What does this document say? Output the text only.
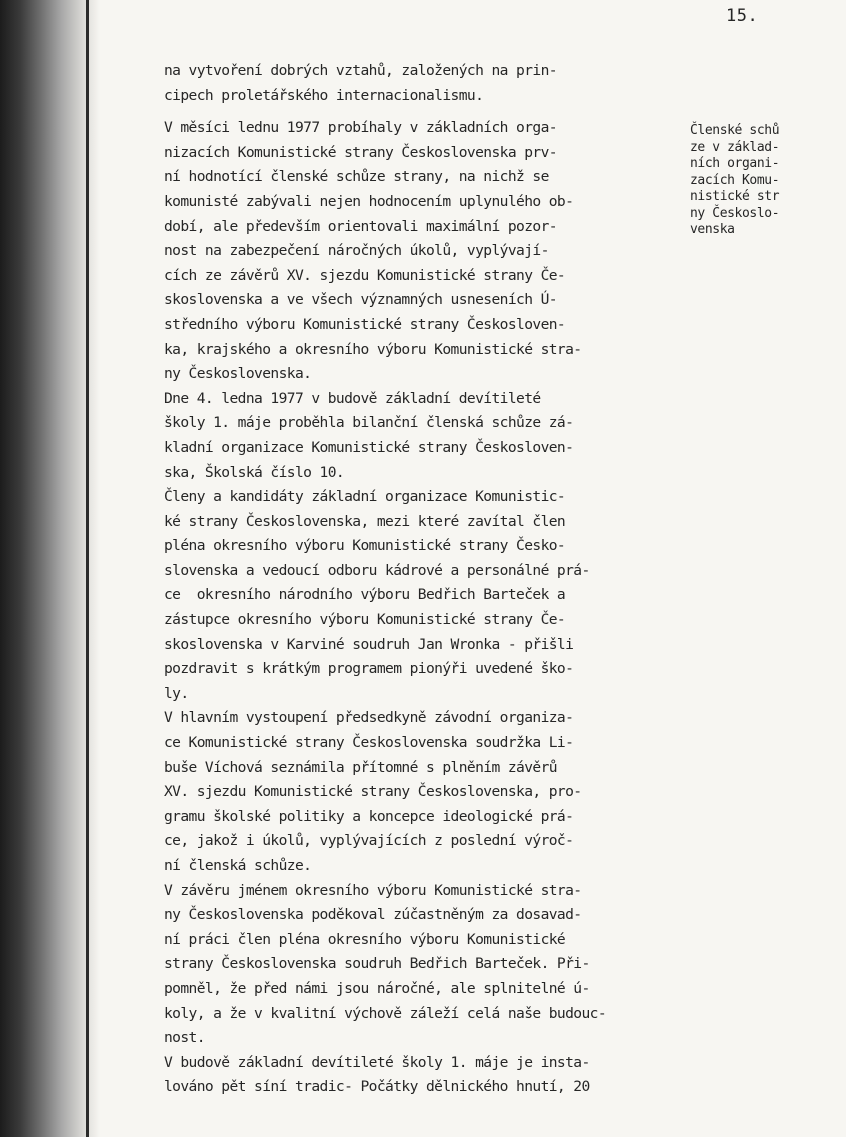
15.
na vytvoření dobrých vztahů, založených na prin-
cipech proletářského internacionalismu.
V měsíci lednu 1977 probíhaly v základních orga-
nizacích Komunistické strany Československa prv-
ní hodnotící členské schůze strany, na nichž se
komunisté zabývali nejen hodnocením uplynulého ob-
dobí, ale především orientovali maximální pozor-
nost na zabezpečení náročných úkolů, vyplývají-
cích ze závěrů XV. sjezdu Komunistické strany Če-
skoslovenska a ve všech významných usneseních Ú-
středního výboru Komunistické strany Českosloven-
ka, krajského a okresního výboru Komunistické stra-
ny Československa.
Dne 4. ledna 1977 v budově základní devítileté
školy 1. máje proběhla bilanční členská schůze zá-
kladní organizace Komunistické strany Českosloven-
ska, Školská číslo 10.
Členy a kandidáty základní organizace Komunistic-
ké strany Československa, mezi které zavítal člen
pléna okresního výboru Komunistické strany Česko-
slovenska a vedoucí odboru kádrové a personálné prá-
ce  okresního národního výboru Bedřich Barteček a
zástupce okresního výboru Komunistické strany Če-
skoslovenska v Karviné soudruh Jan Wronka - přišli
pozdravit s krátkým programem pionýři uvedené ško-
ly.
V hlavním vystoupení předsedkyně závodní organiza-
ce Komunistické strany Československa soudržka Li-
buše Víchová seznámila přítomné s plněním závěrů
XV. sjezdu Komunistické strany Československa, pro-
gramu školské politiky a koncepce ideologické prá-
ce, jakož i úkolů, vyplývajících z poslední výroč-
ní členská schůze.
V závěru jménem okresního výboru Komunistické stra-
ny Československa poděkoval zúčastněným za dosavad-
ní práci člen pléna okresního výboru Komunistické
strany Československa soudruh Bedřich Barteček. Při-
pomněl, že před námi jsou náročné, ale splnitelné ú-
koly, a že v kvalitní výchově záleží celá naše budouc-
nost.
V budově základní devítileté školy 1. máje je insta-
lováno pět síní tradic- Počátky dělnického hnutí, 20
Členské schů
ze v základ-
ních organi-
zacích Komu-
nistické str
ny Českoslo-
venska
